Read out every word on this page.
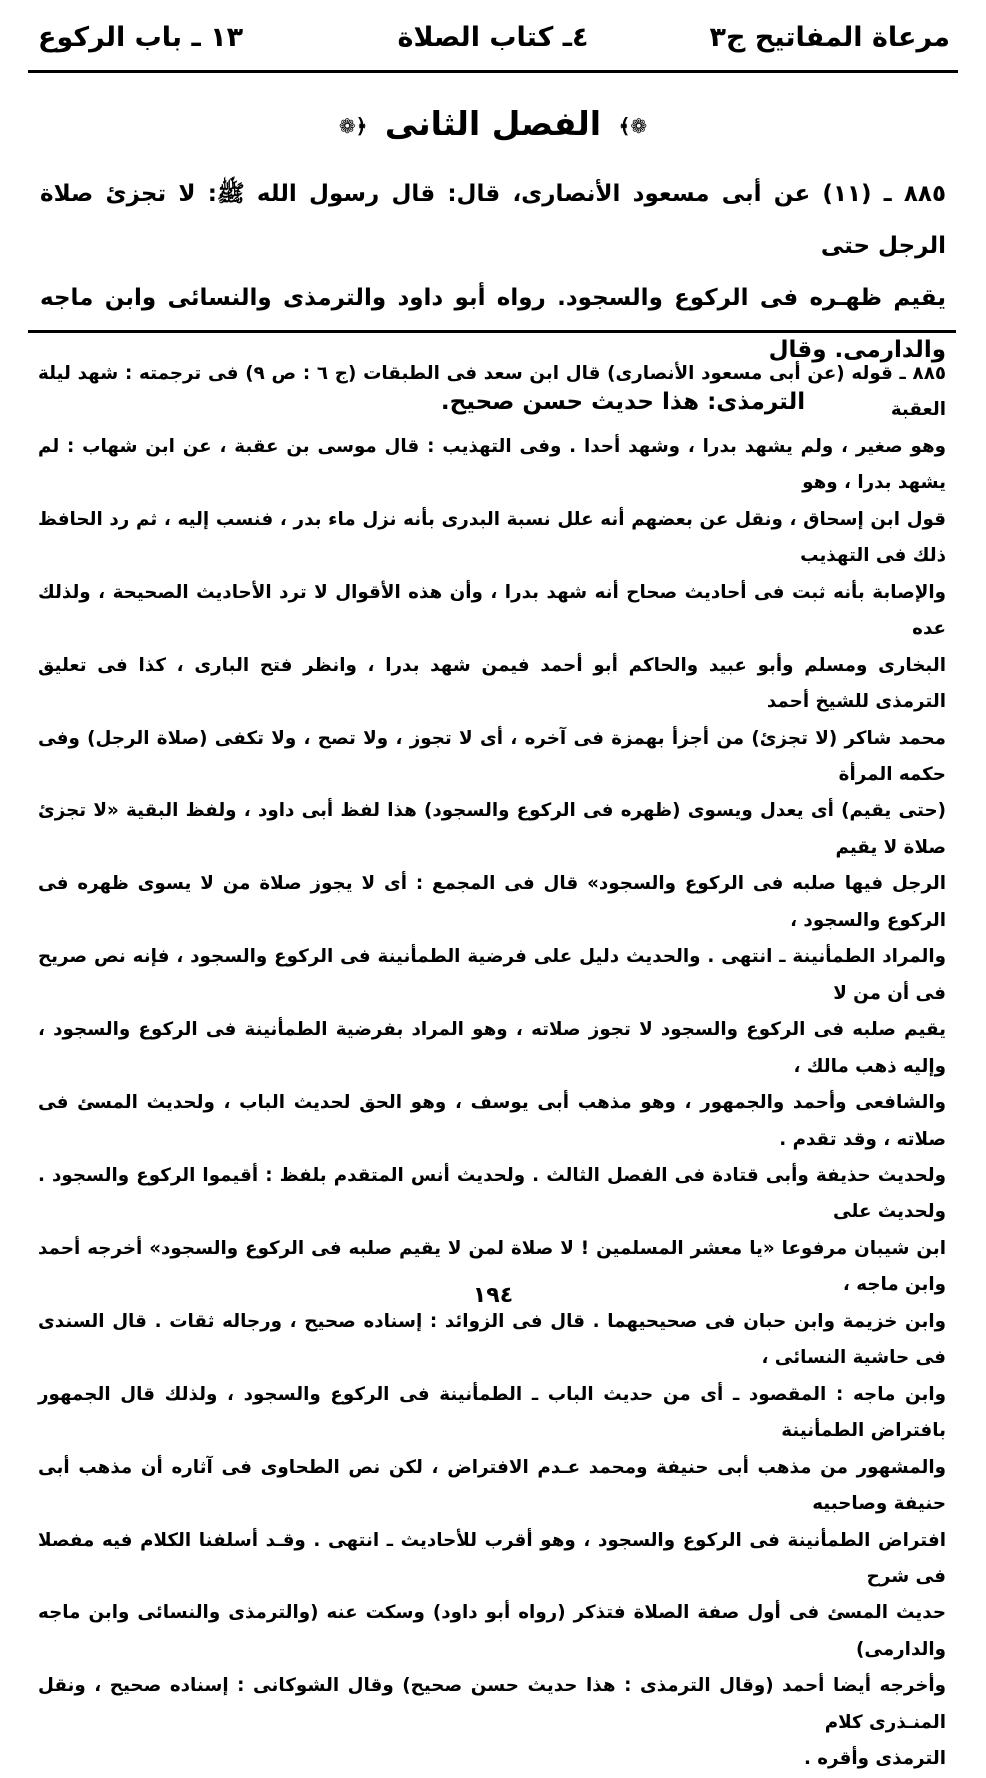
مرعاة المفاتيح ج٣
٤ـ كتاب الصلاة
١٣ ـ باب الركوع
❁﴾ الفصل الثانى ﴿❁

٨٨٥ ـ (١١) عن أبى مسعود الأنصارى، قال: قال رسول الله ﷺ: لا تجزئ صلاة الرجل حتى

يقيم ظهـره فى الركوع والسجود. رواه أبو داود والترمذى والنسائى وابن ماجه والدارمى. وقال

الترمذى: هذا حديث حسن صحيح.

٨٨٥ ـ قوله (عن أبى مسعود الأنصارى) قال ابن سعد فى الطبقات (ج ٦ : ص ٩) فى ترجمته : شهد ليلة العقبة

وهو صغير ، ولم يشهد بدرا ، وشهد أحدا . وفى التهذيب : قال موسى بن عقبة ، عن ابن شهاب : لم يشهد بدرا ، وهو

قول ابن إسحاق ، ونقل عن بعضهم أنه علل نسبة البدرى بأنه نزل ماء بدر ، فنسب إليه ، ثم رد الحافظ ذلك فى التهذيب

والإصابة بأنه ثبت فى أحاديث صحاح أنه شهد بدرا ، وأن هذه الأقوال لا ترد الأحاديث الصحيحة ، ولذلك عده

البخارى ومسلم وأبو عبيد والحاكم أبو أحمد فيمن شهد بدرا ، وانظر فتح البارى ، كذا فى تعليق الترمذى للشيخ أحمد

محمد شاكر (لا تجزئ) من أجزأ بهمزة فى آخره ، أى لا تجوز ، ولا تصح ، ولا تكفى (صلاة الرجل) وفى حكمه المرأة

(حتى يقيم) أى يعدل ويسوى (ظهره فى الركوع والسجود) هذا لفظ أبى داود ، ولفظ البقية «لا تجزئ صلاة لا يقيم

الرجل فيها صلبه فى الركوع والسجود» قال فى المجمع : أى لا يجوز صلاة من لا يسوى ظهره فى الركوع والسجود ،

والمراد الطمأنينة ـ انتهى . والحديث دليل على فرضية الطمأنينة فى الركوع والسجود ، فإنه نص صريح فى أن من لا

يقيم صلبه فى الركوع والسجود لا تجوز صلاته ، وهو المراد بفرضية الطمأنينة فى الركوع والسجود ، وإليه ذهب مالك ،

والشافعى وأحمد والجمهور ، وهو مذهب أبى يوسف ، وهو الحق لحديث الباب ، ولحديث المسئ فى صلاته ، وقد تقدم .

ولحديث حذيفة وأبى قتادة فى الفصل الثالث . ولحديث أنس المتقدم بلفظ : أقيموا الركوع والسجود . ولحديث على

ابن شيبان مرفوعا «يا معشر المسلمين ! لا صلاة لمن لا يقيم صلبه فى الركوع والسجود» أخرجه أحمد وابن ماجه ،

وابن خزيمة وابن حبان فى صحيحيهما . قال فى الزوائد : إسناده صحيح ، ورجاله ثقات . قال السندى فى حاشية النسائى ،

وابن ماجه : المقصود ـ أى من حديث الباب ـ الطمأنينة فى الركوع والسجود ، ولذلك قال الجمهور بافتراض الطمأنينة

والمشهور من مذهب أبى حنيفة ومحمد عـدم الافتراض ، لكن نص الطحاوى فى آثاره أن مذهب أبى حنيفة وصاحبيه

افتراض الطمأنينة فى الركوع والسجود ، وهو أقرب للأحاديث ـ انتهى . وقـد أسلفنا الكلام فيه مفصلا فى شرح

حديث المسئ فى أول صفة الصلاة فتذكر (رواه أبو داود) وسكت عنه (والترمذى والنسائى وابن ماجه والدارمى)

وأخرجه أيضا أحمد (وقال الترمذى : هذا حديث حسن صحيح) وقال الشوكانى : إسناده صحيح ، ونقل المنـذرى كلام

الترمذى وأقره .

١٩٤
